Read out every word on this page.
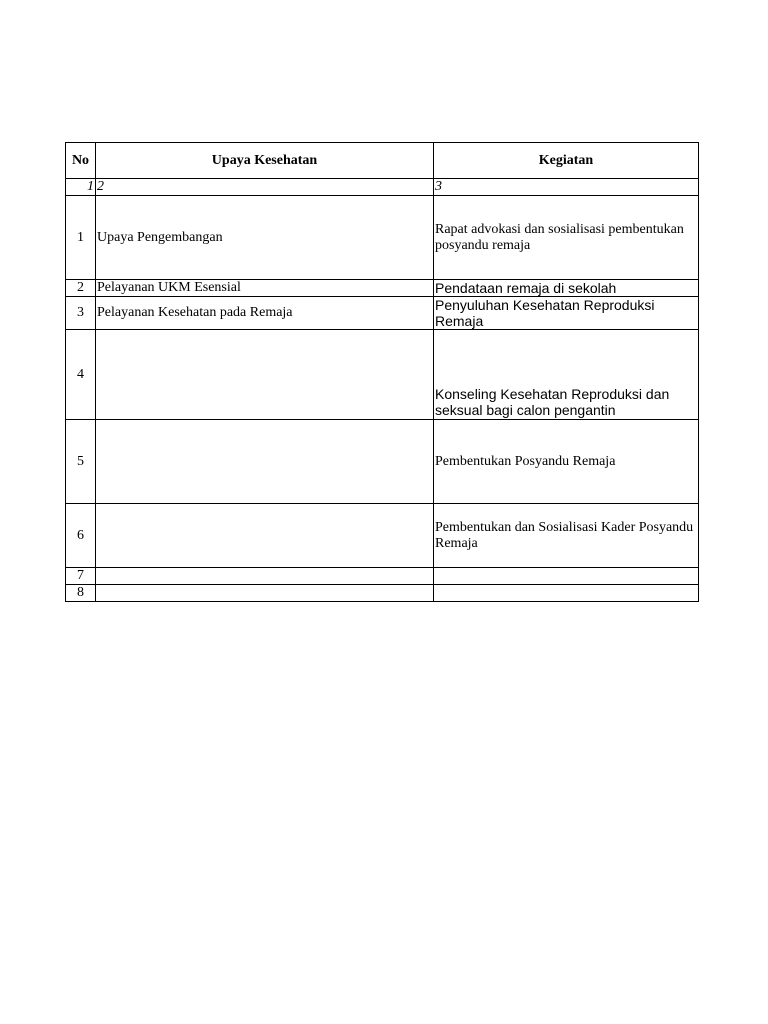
No	Upaya Kesehatan	Kegiatan
1	2	3
1	Upaya Pengembangan	Rapat advokasi dan sosialisasi pembentukan posyandu remaja
2	Pelayanan UKM Esensial	Pendataan remaja di sekolah
3	Pelayanan Kesehatan pada Remaja	Penyuluhan Kesehatan Reproduksi Remaja
4		Konseling Kesehatan Reproduksi dan seksual bagi calon pengantin
5		Pembentukan Posyandu Remaja
6		Pembentukan dan Sosialisasi Kader Posyandu Remaja
7		
8		
